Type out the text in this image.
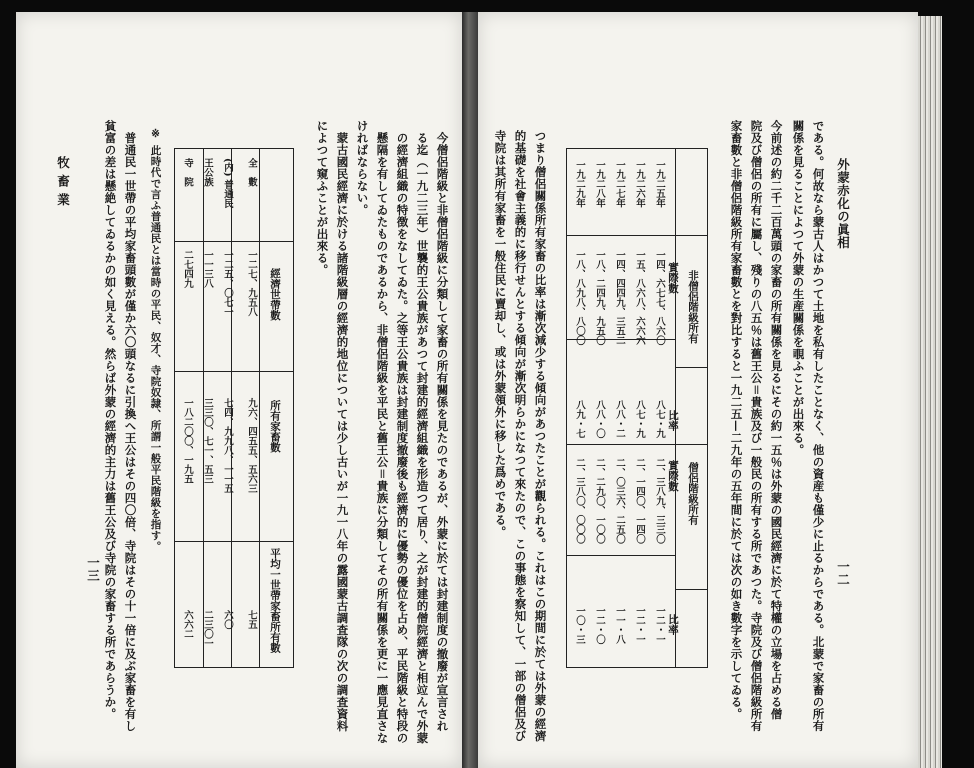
外蒙赤化の眞相
一二
である。何故なら蒙古人はかつて土地を私有したことなく、他の資産も僅少に止るからである。北蒙で家畜の所有
關係を見ることによつて外蒙の生産關係を覗ふことが出來る。
今前述の約二千二百萬頭の家畜の所有關係を見るにその約一五％は外蒙の國民經濟に於て特權の立場を占める僧
院及び僧侶の所有に屬し、殘りの八五％は舊王公＝貴族及び一般民の所有する所であつた。寺院及び僧侶階級所有
家畜數と非僧侶階級所有家畜數とを對比すると一九二五—二九年の五年間に於ては次の如き數字を示してゐる。
非僧侶階級所有
僧侶階級所有
實際數
比率
實際數
比率
一九二五年
一四、六七七、八六〇
八七・九
二、三八九、三三〇
一二・一
一九二六年
一五、八六八、六六六
八七・九
二、一四〇、一四〇
一二・一
一九二七年
一四、四四九、三五二
八八・二
二、〇三六、二五〇
一一・八
一九二八年
一八、二四九、九五〇
八八・〇
二、二九〇、一〇〇
一二・〇
一九二九年
一八、八九八、八〇〇
八九・七
二、三八〇、〇〇〇
一〇・三
つまり僧侶關係所有家畜の比率は漸次減少する傾向があつたことが觀られる。これはこの期間に於ては外蒙の經濟
的基礎を社會主義的に移行せんとする傾向が漸次明らかになつて來たので、この事態を察知して、一部の僧侶及び
寺院は其所有家畜を一般住民に賣却し、或は外蒙領外に移した爲めである。
今僧侶階級と非僧侶階級に分類して家畜の所有關係を見たのであるが、外蒙に於ては封建制度の撤廢が宣言され
る迄（一九二三年）世襲的王公貴族があつて封建的經濟組織を形造つて居り、之が封建的僧院經濟と相竝んで外蒙
の經濟組織の特徴をなしてゐた。之等王公貴族は封建制度撤廢後も經濟的に優勢の優位を占め、平民階級と特段の
懸隔を有してゐたものであるから、非僧侶階級を平民と舊王公＝貴族に分類してその所有關係を更に一應見直さな
ければならない。
蒙古國民經濟に於ける諸階級層の經濟的地位については少し古いが一九一八年の露國蒙古調査隊の次の調査資料
によつて窺ふことが出來る。
經濟世帶數
所有家畜數
平均一世帶家畜所有數
全　數
一二七、九五八
九六、四五五、五六三
七五
(内) 普通民
一二五、〇七一
七四、九九八、一一五
六〇
王公族
一一三八
三三〇、七一、五三
二三〇一
寺　院
二七四九
一八二〇〇、一九五
六六二
※ 此時代で言ふ普通民とは當時の平民、奴才、寺院奴隷、所謂一般平民階級を指す。
普通民一世帶の平均家畜頭數が僅か六〇頭なるに引換へ王公はその四〇倍、寺院はその十一倍に及ぶ家畜を有し
貧富の差は懸絶してゐるかの如く見える。然らば外蒙の經濟的主力は舊王公及び寺院の家畜する所であらうか。
一三
牧畜業
